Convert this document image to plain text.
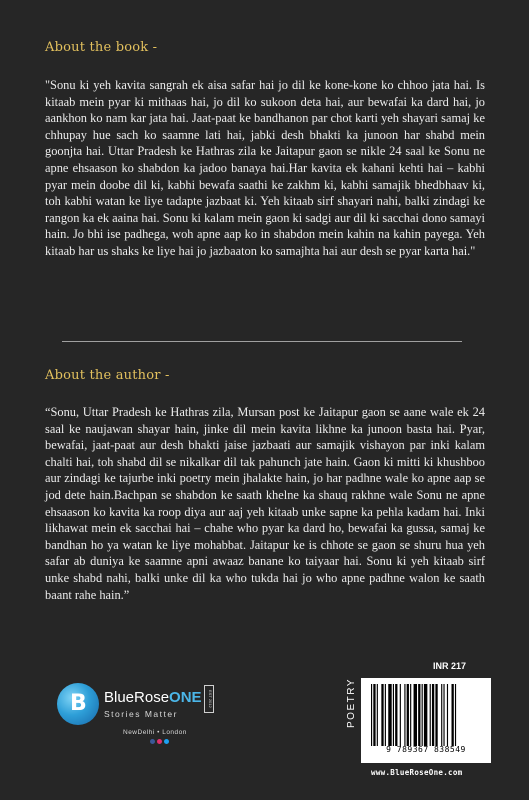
About the book -

"Sonu ki yeh kavita sangrah ek aisa safar hai jo dil ke kone-kone ko chhoo jata hai. Is kitaab mein pyar ki mithaas hai, jo dil ko sukoon deta hai, aur bewafai ka dard hai, jo aankhon ko nam kar jata hai. Jaat-paat ke bandhanon par chot karti yeh shayari samaj ke chhupay hue sach ko saamne lati hai, jabki desh bhakti ka junoon har shabd mein goonjta hai. Uttar Pradesh ke Hathras zila ke Jaitapur gaon se nikle 24 saal ke Sonu ne apne ehsaason ko shabdon ka jadoo banaya hai.Har kavita ek kahani kehti hai – kabhi pyar mein doobe dil ki, kabhi bewafa saathi ke zakhm ki, kabhi samajik bhedbhaav ki, toh kabhi watan ke liye tadapte jazbaat ki. Yeh kitaab sirf shayari nahi, balki zindagi ke rangon ka ek aaina hai. Sonu ki kalam mein gaon ki sadgi aur dil ki sacchai dono samayi hain. Jo bhi ise padhega, woh apne aap ko in shabdon mein kahin na kahin payega. Yeh kitaab har us shaks ke liye hai jo jazbaaton ko samajhta hai aur desh se pyar karta hai."

About the author -

“Sonu, Uttar Pradesh ke Hathras zila, Mursan post ke Jaitapur gaon se aane wale ek 24 saal ke naujawan shayar hain, jinke dil mein kavita likhne ka junoon basta hai. Pyar, bewafai, jaat-paat aur desh bhakti jaise jazbaati aur samajik vishayon par inki kalam chalti hai, toh shabd dil se nikalkar dil tak pahunch jate hain. Gaon ki mitti ki khushboo aur zindagi ke tajurbe inki poetry mein jhalakte hain, jo har padhne wale ko apne aap se jod dete hain.Bachpan se shabdon ke saath khelne ka shauq rakhne wale Sonu ne apne ehsaason ko kavita ka roop diya aur aaj yeh kitaab unke sapne ka pehla kadam hai. Inki likhawat mein ek sacchai hai – chahe who pyar ka dard ho, bewafai ka gussa, samaj ke bandhan ho ya watan ke liye mohabbat. Jaitapur ke is chhote se gaon se shuru hua yeh safar ab duniya ke saamne apni awaaz banane ko taiyaar hai. Sonu ki yeh kitaab sirf unke shabd nahi, balki unke dil ka who tukda hai jo who apne padhne walon ke saath baant rahe hain.”

B BlueRoseONE	EST 2012
Stories Matter
NewDelhi • London
INR 217
POETRY
9 789367 838549
www.BlueRoseOne.com
